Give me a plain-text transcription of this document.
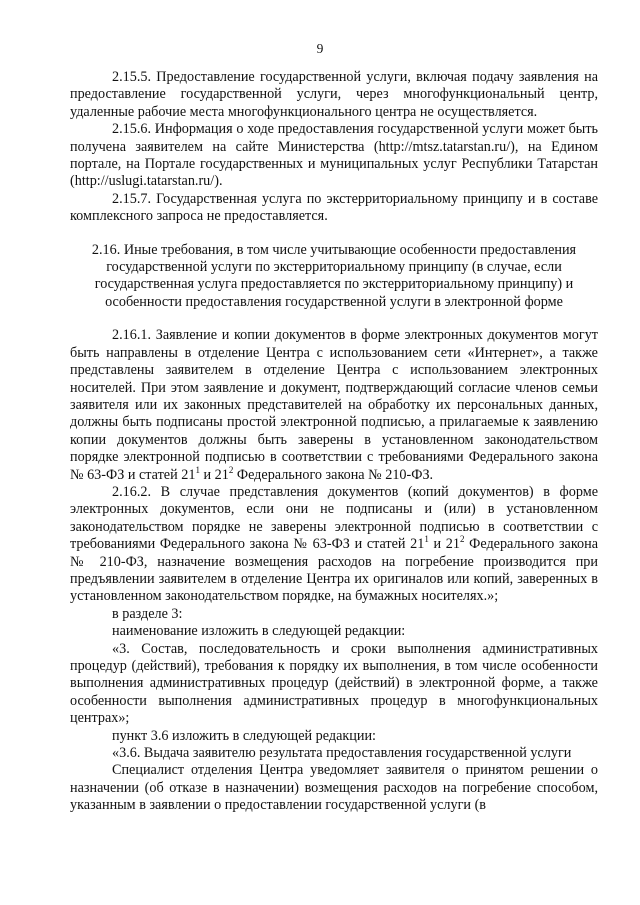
9

2.15.5. Предоставление государственной услуги, включая подачу заявления на предоставление государственной услуги, через многофункциональный центр, удаленные рабочие места многофункционального центра не осуществляется.

2.15.6. Информация о ходе предоставления государственной услуги может быть получена заявителем на сайте Министерства (http://mtsz.tatarstan.ru/), на Едином портале, на Портале государственных и муниципальных услуг Республики Татарстан (http://uslugi.tatarstan.ru/).

2.15.7. Государственная услуга по экстерриториальному принципу и в составе комплексного запроса не предоставляется.

2.16. Иные требования, в том числе учитывающие особенности предоставления государственной услуги по экстерриториальному принципу (в случае, если государственная услуга предоставляется по экстерриториальному принципу) и особенности предоставления государственной услуги в электронной форме

2.16.1. Заявление и копии документов в форме электронных документов могут быть направлены в отделение Центра с использованием сети «Интернет», а также представлены заявителем в отделение Центра с использованием электронных носителей. При этом заявление и документ, подтверждающий согласие членов семьи заявителя или их законных представителей на обработку их персональных данных, должны быть подписаны простой электронной подписью, а прилагаемые к заявлению копии документов должны быть заверены в установленном законодательством порядке электронной подписью в соответствии с требованиями Федерального закона № 63-ФЗ и статей $21^1$ и $21^2$ Федерального закона № 210-ФЗ.

2.16.2. В случае представления документов (копий документов) в форме электронных документов, если они не подписаны и (или) в установленном законодательством порядке не заверены электронной подписью в соответствии с требованиями Федерального закона № 63-ФЗ и статей $21^1$ и $21^2$ Федерального закона № 210-ФЗ, назначение возмещения расходов на погребение производится при предъявлении заявителем в отделение Центра их оригиналов или копий, заверенных в установленном законодательством порядке, на бумажных носителях.»;

в разделе 3:

наименование изложить в следующей редакции:

«3. Состав, последовательность и сроки выполнения административных процедур (действий), требования к порядку их выполнения, в том числе особенности выполнения административных процедур (действий) в электронной форме, а также особенности выполнения административных процедур в многофункциональных центрах»;

пункт 3.6 изложить в следующей редакции:

«3.6. Выдача заявителю результата предоставления государственной услуги

Специалист отделения Центра уведомляет заявителя о принятом решении о назначении (об отказе в назначении) возмещения расходов на погребение способом, указанным в заявлении о предоставлении государственной услуги (в
